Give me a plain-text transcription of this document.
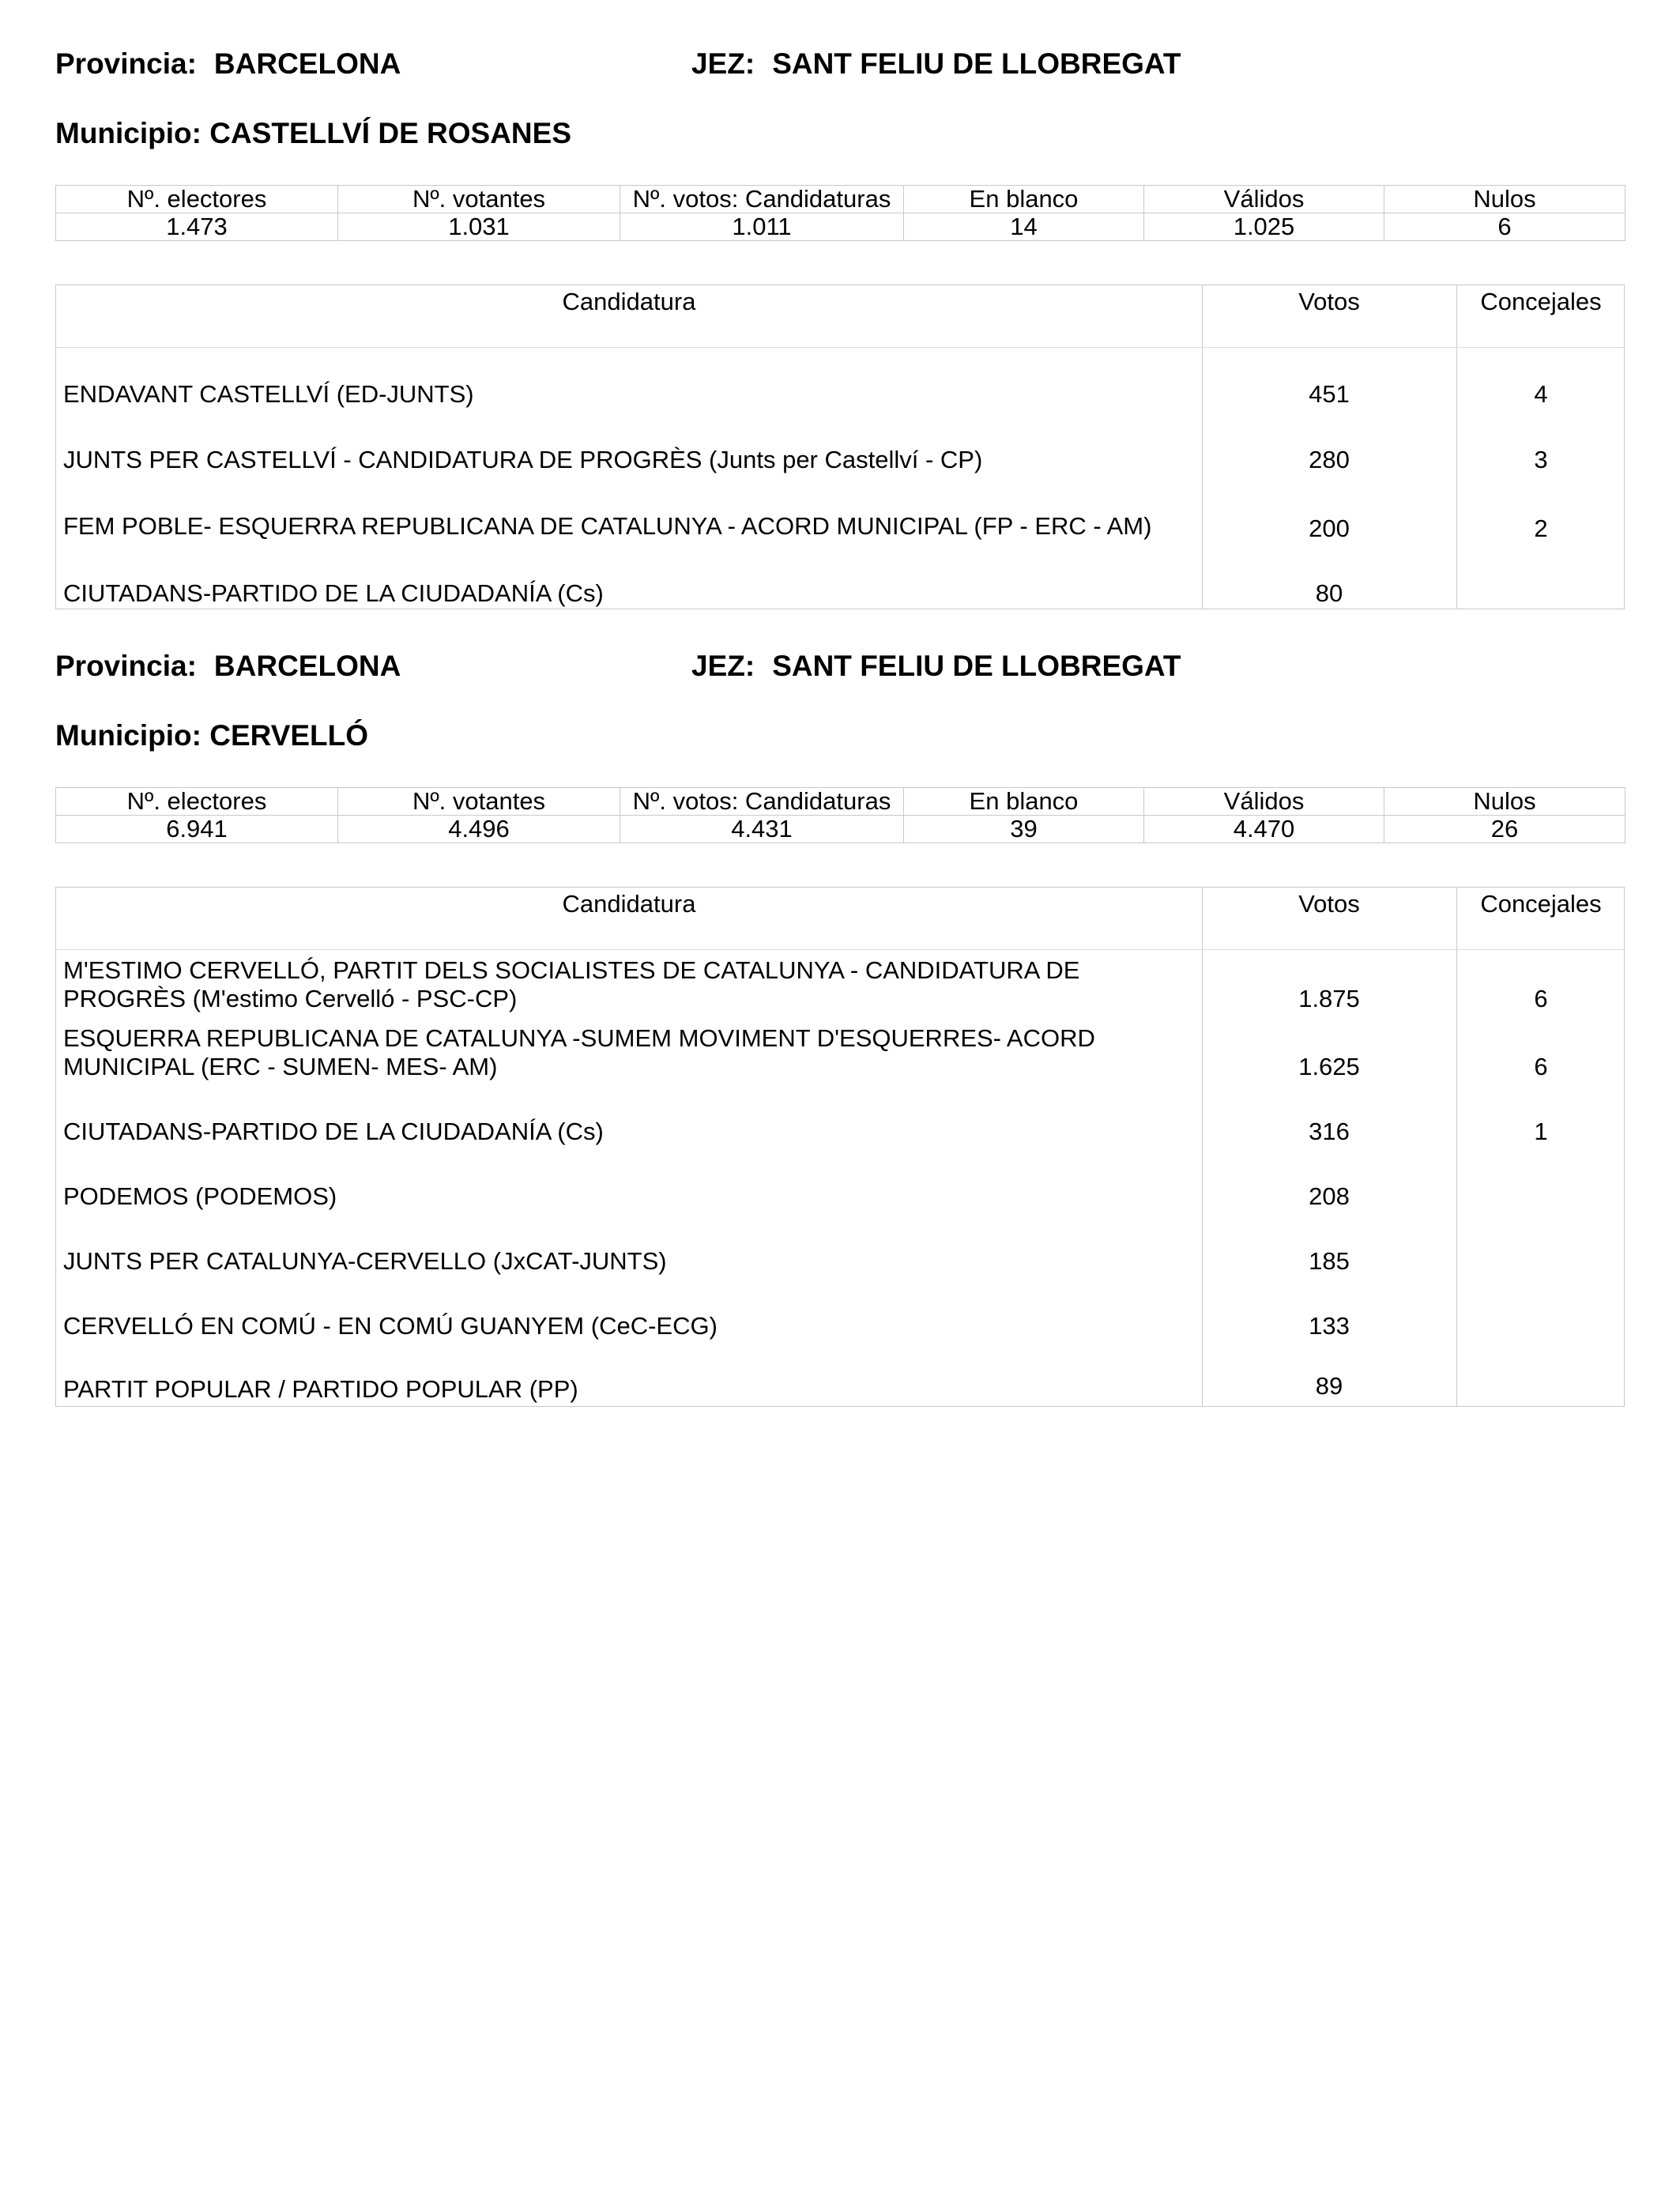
Provincia: BARCELONA	JEZ: SANT FELIU DE LLOBREGAT
Municipio: CASTELLVÍ DE ROSANES
Nº. electores	Nº. votantes	Nº. votos: Candidaturas	En blanco	Válidos	Nulos
1.473	1.031	1.011	14	1.025	6
Candidatura	Votos	Concejales
ENDAVANT CASTELLVÍ (ED-JUNTS)	451	4
JUNTS PER CASTELLVÍ - CANDIDATURA DE PROGRÈS (Junts per Castellví - CP)	280	3
FEM POBLE- ESQUERRA REPUBLICANA DE CATALUNYA - ACORD MUNICIPAL (FP - ERC - AM)	200	2
CIUTADANS-PARTIDO DE LA CIUDADANÍA (Cs)	80
Provincia: BARCELONA	JEZ: SANT FELIU DE LLOBREGAT
Municipio: CERVELLÓ
Nº. electores	Nº. votantes	Nº. votos: Candidaturas	En blanco	Válidos	Nulos
6.941	4.496	4.431	39	4.470	26
Candidatura	Votos	Concejales
M'ESTIMO CERVELLÓ, PARTIT DELS SOCIALISTES DE CATALUNYA - CANDIDATURA DE PROGRÈS (M'estimo Cervelló - PSC-CP)	1.875	6
ESQUERRA REPUBLICANA DE CATALUNYA -SUMEM MOVIMENT D'ESQUERRES- ACORD MUNICIPAL (ERC - SUMEN- MES- AM)	1.625	6
CIUTADANS-PARTIDO DE LA CIUDADANÍA (Cs)	316	1
PODEMOS (PODEMOS)	208
JUNTS PER CATALUNYA-CERVELLO (JxCAT-JUNTS)	185
CERVELLÓ EN COMÚ - EN COMÚ GUANYEM (CeC-ECG)	133
PARTIT POPULAR / PARTIDO POPULAR (PP)	89
